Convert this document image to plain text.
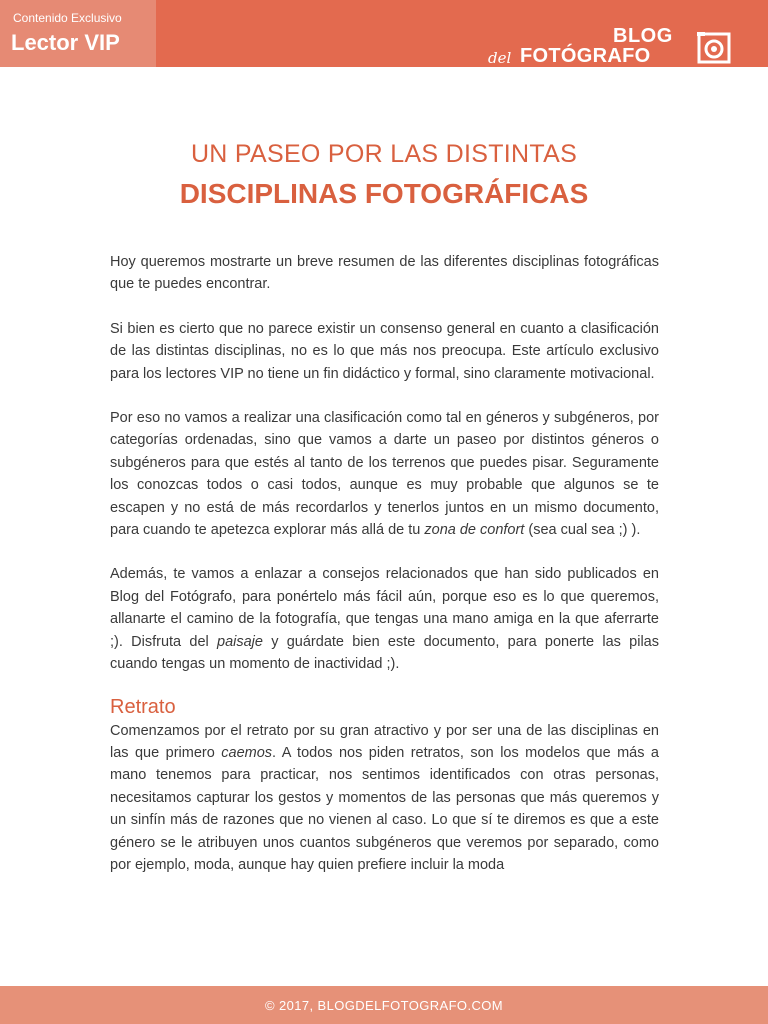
Contenido Exclusivo
Lector VIP	BLOG
del FOTÓGRAFO
UN PASEO POR LAS DISTINTAS
DISCIPLINAS FOTOGRÁFICAS

Hoy queremos mostrarte un breve resumen de las diferentes disciplinas fotográficas que te puedes encontrar.

Si bien es cierto que no parece existir un consenso general en cuanto a clasificación de las distintas disciplinas, no es lo que más nos preocupa. Este artículo exclusivo para los lectores VIP no tiene un fin didáctico y formal, sino claramente motivacional.

Por eso no vamos a realizar una clasificación como tal en géneros y subgéneros, por categorías ordenadas, sino que vamos a darte un paseo por distintos géneros o subgéneros para que estés al tanto de los terrenos que puedes pisar. Seguramente los conozcas todos o casi todos, aunque es muy probable que algunos se te escapen y no está de más recordarlos y tenerlos juntos en un mismo documento, para cuando te apetezca explorar más allá de tu zona de confort (sea cual sea ;) ).

Además, te vamos a enlazar a consejos relacionados que han sido publicados en Blog del Fotógrafo, para ponértelo más fácil aún, porque eso es lo que queremos, allanarte el camino de la fotografía, que tengas una mano amiga en la que aferrarte ;). Disfruta del paisaje y guárdate bien este documento, para ponerte las pilas cuando tengas un momento de inactividad ;).

Retrato

Comenzamos por el retrato por su gran atractivo y por ser una de las disciplinas en las que primero caemos. A todos nos piden retratos, son los modelos que más a mano tenemos para practicar, nos sentimos identificados con otras personas, necesitamos capturar los gestos y momentos de las personas que más queremos y un sinfín más de razones que no vienen al caso. Lo que sí te diremos es que a este género se le atribuyen unos cuantos subgéneros que veremos por separado, como por ejemplo, moda, aunque hay quien prefiere incluir la moda

© 2017, BLOGDELFOTOGRAFO.COM
